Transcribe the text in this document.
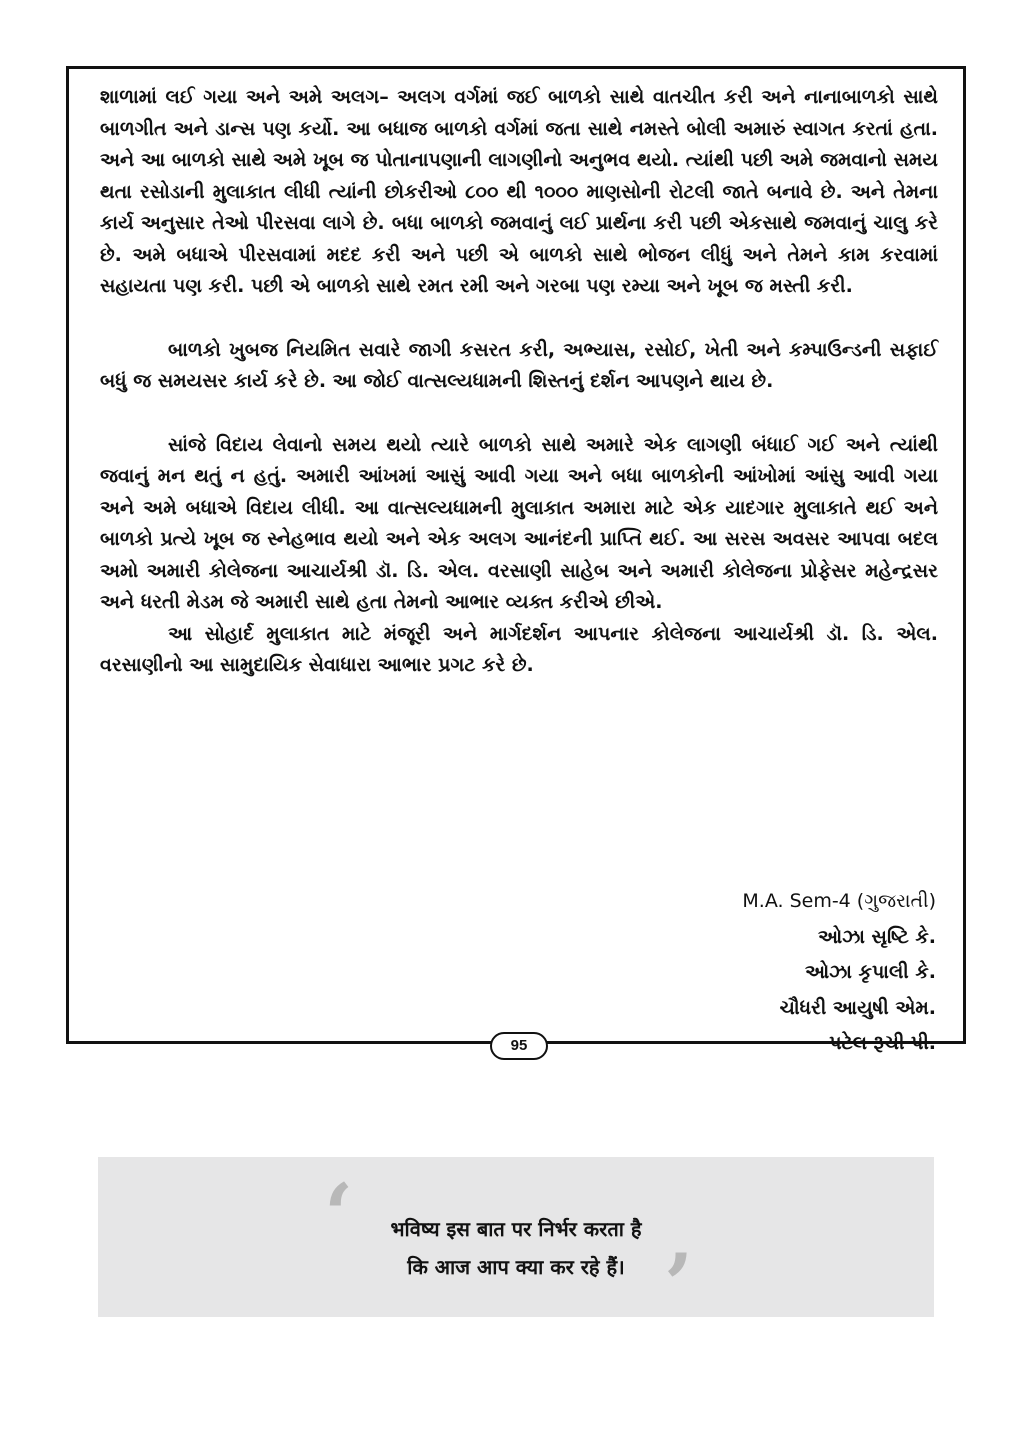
શાળામાં લઈ ગયા અને અમે અલગ– અલગ વર્ગમાં જઈ બાળકો સાથે વાતચીત કરી અને નાનાબાળકો સાથે બાળગીત અને ડાન્સ પણ કર્યો. આ બધાજ બાળકો વર્ગમાં જતા સાથે નમસ્તે બોલી અમારું સ્વાગત કરતાં હતા. અને આ બાળકો સાથે અમે ખૂબ જ પોતાનાપણાની લાગણીનો અનુભવ થયો. ત્યાંથી પછી અમે જમવાનો સમય થતા રસોડાની મુલાકાત લીધી ત્યાંની છોકરીઓ ૮૦૦ થી ૧૦૦૦ માણસોની રોટલી જાતે બનાવે છે. અને તેમના કાર્ય અનુસાર તેઓ પીરસવા લાગે છે. બધા બાળકો જમવાનું લઈ પ્રાર્થના કરી પછી એકસાથે જમવાનું ચાલુ કરે છે. અમે બધાએ પીરસવામાં મદદ કરી અને પછી એ બાળકો સાથે ભોજન લીધું અને તેમને કામ કરવામાં સહાયતા પણ કરી. પછી એ બાળકો સાથે રમત રમી અને ગરબા પણ રમ્યા અને ખૂબ જ મસ્તી કરી.

બાળકો ખુબજ નિયમિત સવારે જાગી કસરત કરી, અભ્યાસ, રસોઈ, ખેતી અને કમ્પાઉન્ડની સફાઈ બધું જ સમયસર કાર્ય કરે છે. આ જોઈ વાત્સલ્યધામની શિસ્તનું દર્શન આપણને થાય છે.

સાંજે વિદાય લેવાનો સમય થયો ત્યારે બાળકો સાથે અમારે એક લાગણી બંધાઈ ગઈ અને ત્યાંથી જવાનું મન થતું ન હતું. અમારી આંખમાં આસું આવી ગયા અને બધા બાળકોની આંખોમાં આંસુ આવી ગયા અને અમે બધાએ વિદાય લીધી. આ વાત્સલ્યધામની મુલાકાત અમારા માટે એક યાદગાર મુલાકાતે થઈ અને બાળકો પ્રત્યે ખૂબ જ સ્નેહભાવ થયો અને એક અલગ આનંદની પ્રાપ્તિ થઈ. આ સરસ અવસર આપવા બદલ અમો અમારી કોલેજના આચાર્યશ્રી ડૉ. ડિ. એલ. વરસાણી સાહેબ અને અમારી કોલેજના પ્રોફેસર મહેન્દ્રસર અને ધરતી મેડમ જે અમારી સાથે હતા તેમનો આભાર વ્યક્ત કરીએ છીએ.

આ સોહાર્દ મુલાકાત માટે મંજૂરી અને માર્ગદર્શન આપનાર કોલેજના આચાર્યશ્રી ડૉ. ડિ. એલ. વરસાણીનો આ સામુદાયિક સેવાધારા આભાર પ્રગટ કરે છે.

M.A. Sem-4 (ગુજરાતી)
ઓઝા સૃષ્ટિ કે.
ઓઝા કૃપાલી કે.
ચૌધરી આયુષી એમ.
પટેલ રૂચી પી.
‘	भविष्य इस बात पर निर्भर करता है
कि आज आप क्या कर रहे हैं। ’
95
